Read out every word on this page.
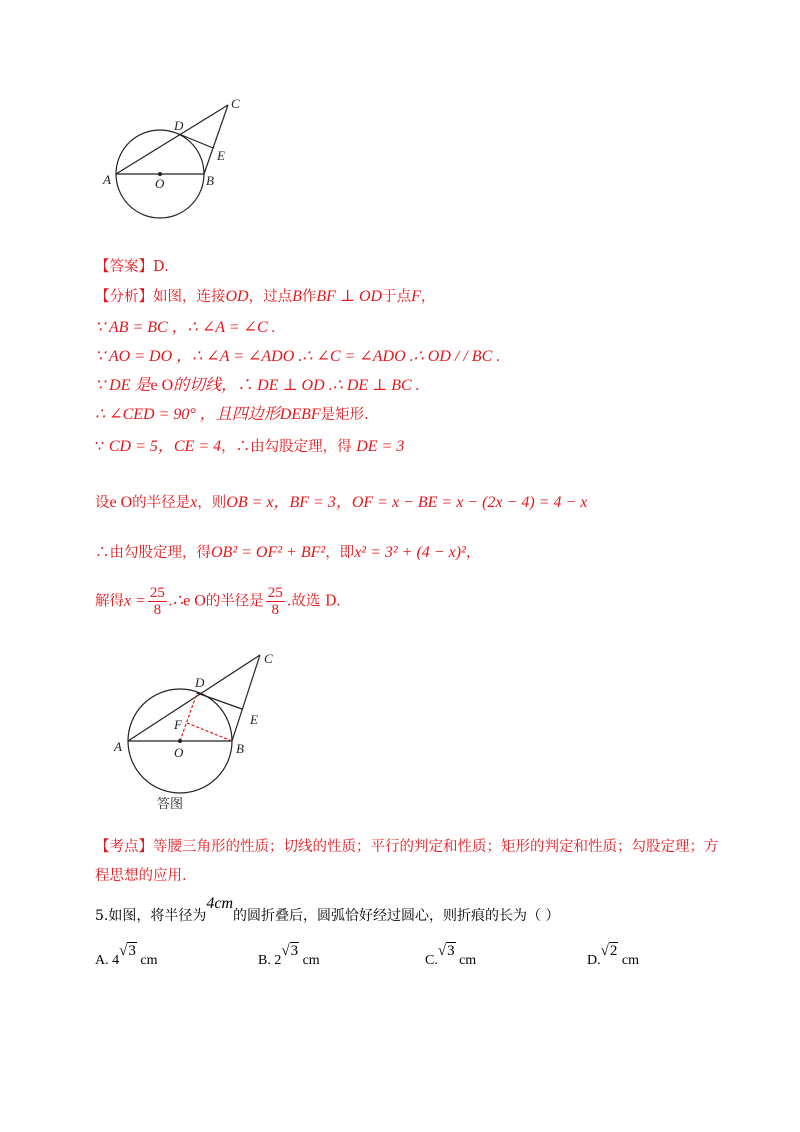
A	O	B
C
D
E
【答案】D.
【分析】如图，连接OD，过点B作BF ⊥ OD于点F，
∵ AB = BC ，∴ ∠A = ∠C .
∵ AO = DO ，∴ ∠A = ∠ADO .∴ ∠C = ∠ADO .∴ OD / / BC .
∵ DE 是e O的切线，∴ DE ⊥ OD .∴ DE ⊥ BC .
∴ ∠CED = 90° ，且四边形DEBF是矩形.
∵ CD = 5，CE = 4，∴由勾股定理，得 DE = 3
设e O的半径是x，则OB = x，BF = 3，OF = x − BE = x − (2x − 4) = 4 − x
∴由勾股定理，得OB² = OF² + BF²，即x² = 3² + (4 − x)²，
解得$x = \frac{25}{8}$ .∴e O的半径是 $\frac{25}{8}$ .故选 D.
A	O	B
C
D
E
F
答图
【考点】等腰三角形的性质；切线的性质；平行的判定和性质；矩形的判定和性质；勾股定理；方
程思想的应用.
5.如图，将半径为4cm的圆折叠后，圆弧恰好经过圆心，则折痕的长为（ ）
A. 4√3 cm	B. 2√3 cm	C.√3 cm	D.√2 cm
